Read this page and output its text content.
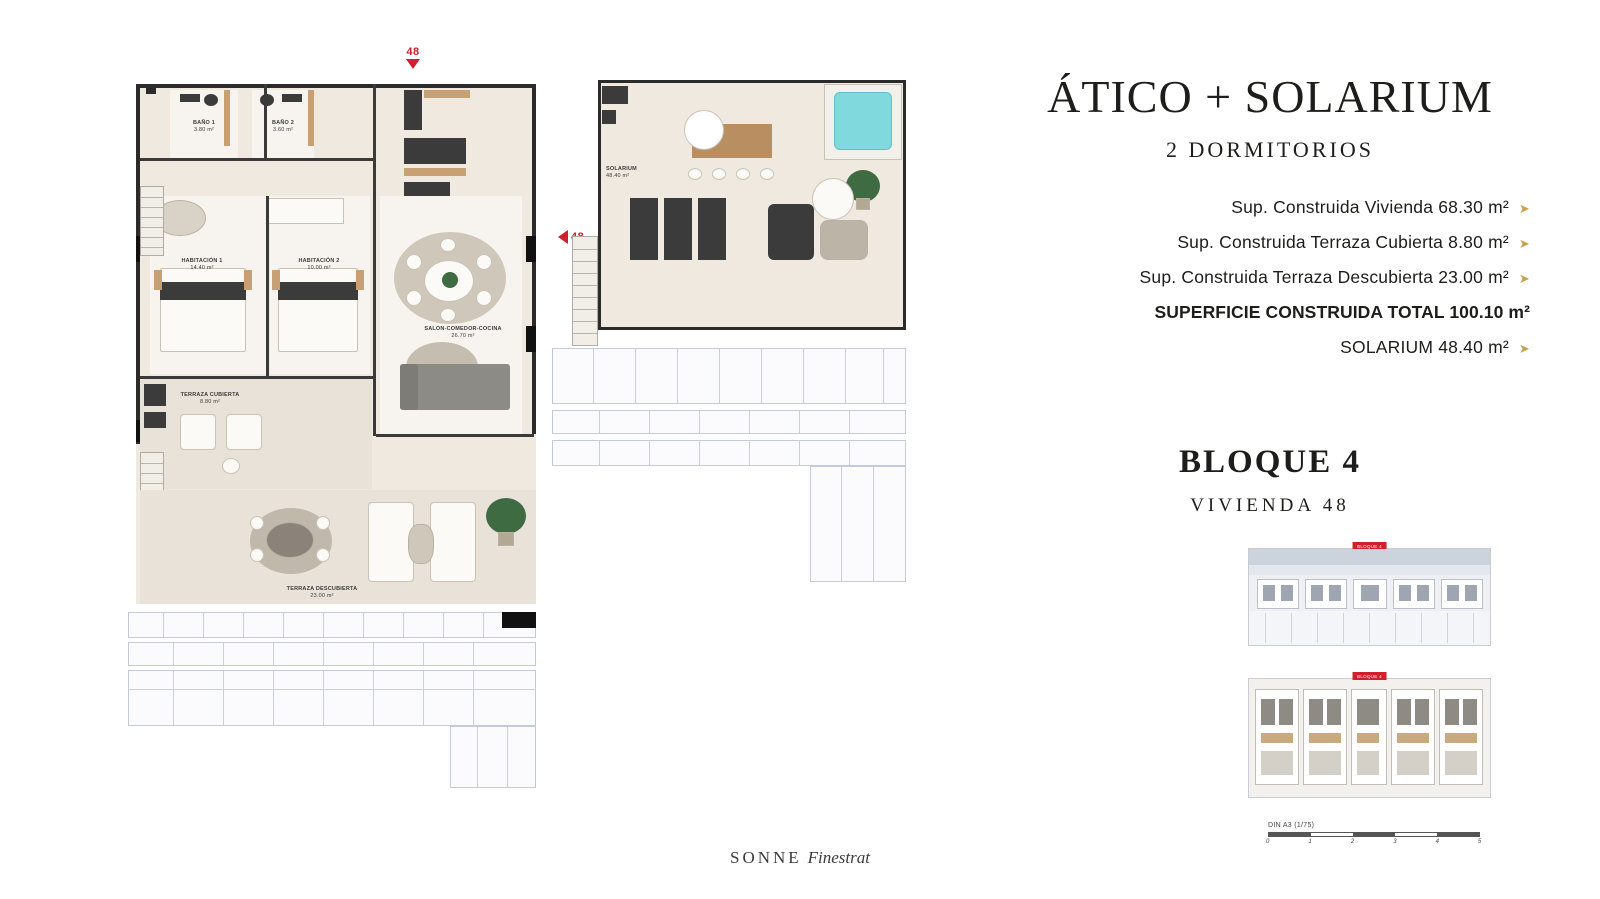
48
BAÑO 1
3.80 m²
BAÑO 2
3.60 m²
HABITACIÓN 1
14.40 m²
HABITACIÓN 2
10.00 m²
SALON-COMEDOR-COCINA
26.70 m²
TERRAZA CUBIERTA
8.80 m²
TERRAZA DESCUBIERTA
23.00 m²
SOLARIUM
48.40 m²
ÁTICO + SOLARIUM
2 DORMITORIOS
Sup. Construida Vivienda 68.30 m² ➤
Sup. Construida Terraza Cubierta 8.80 m² ➤
Sup. Construida Terraza Descubierta 23.00 m² ➤
SUPERFICIE CONSTRUIDA TOTAL 100.10 m²
SOLARIUM 48.40 m² ➤
BLOQUE 4
VIVIENDA 48
BLOQUE 4
BLOQUE 4
DIN A3 (1/75)
0	1	2	3	4	5
SONNE Finestrat
